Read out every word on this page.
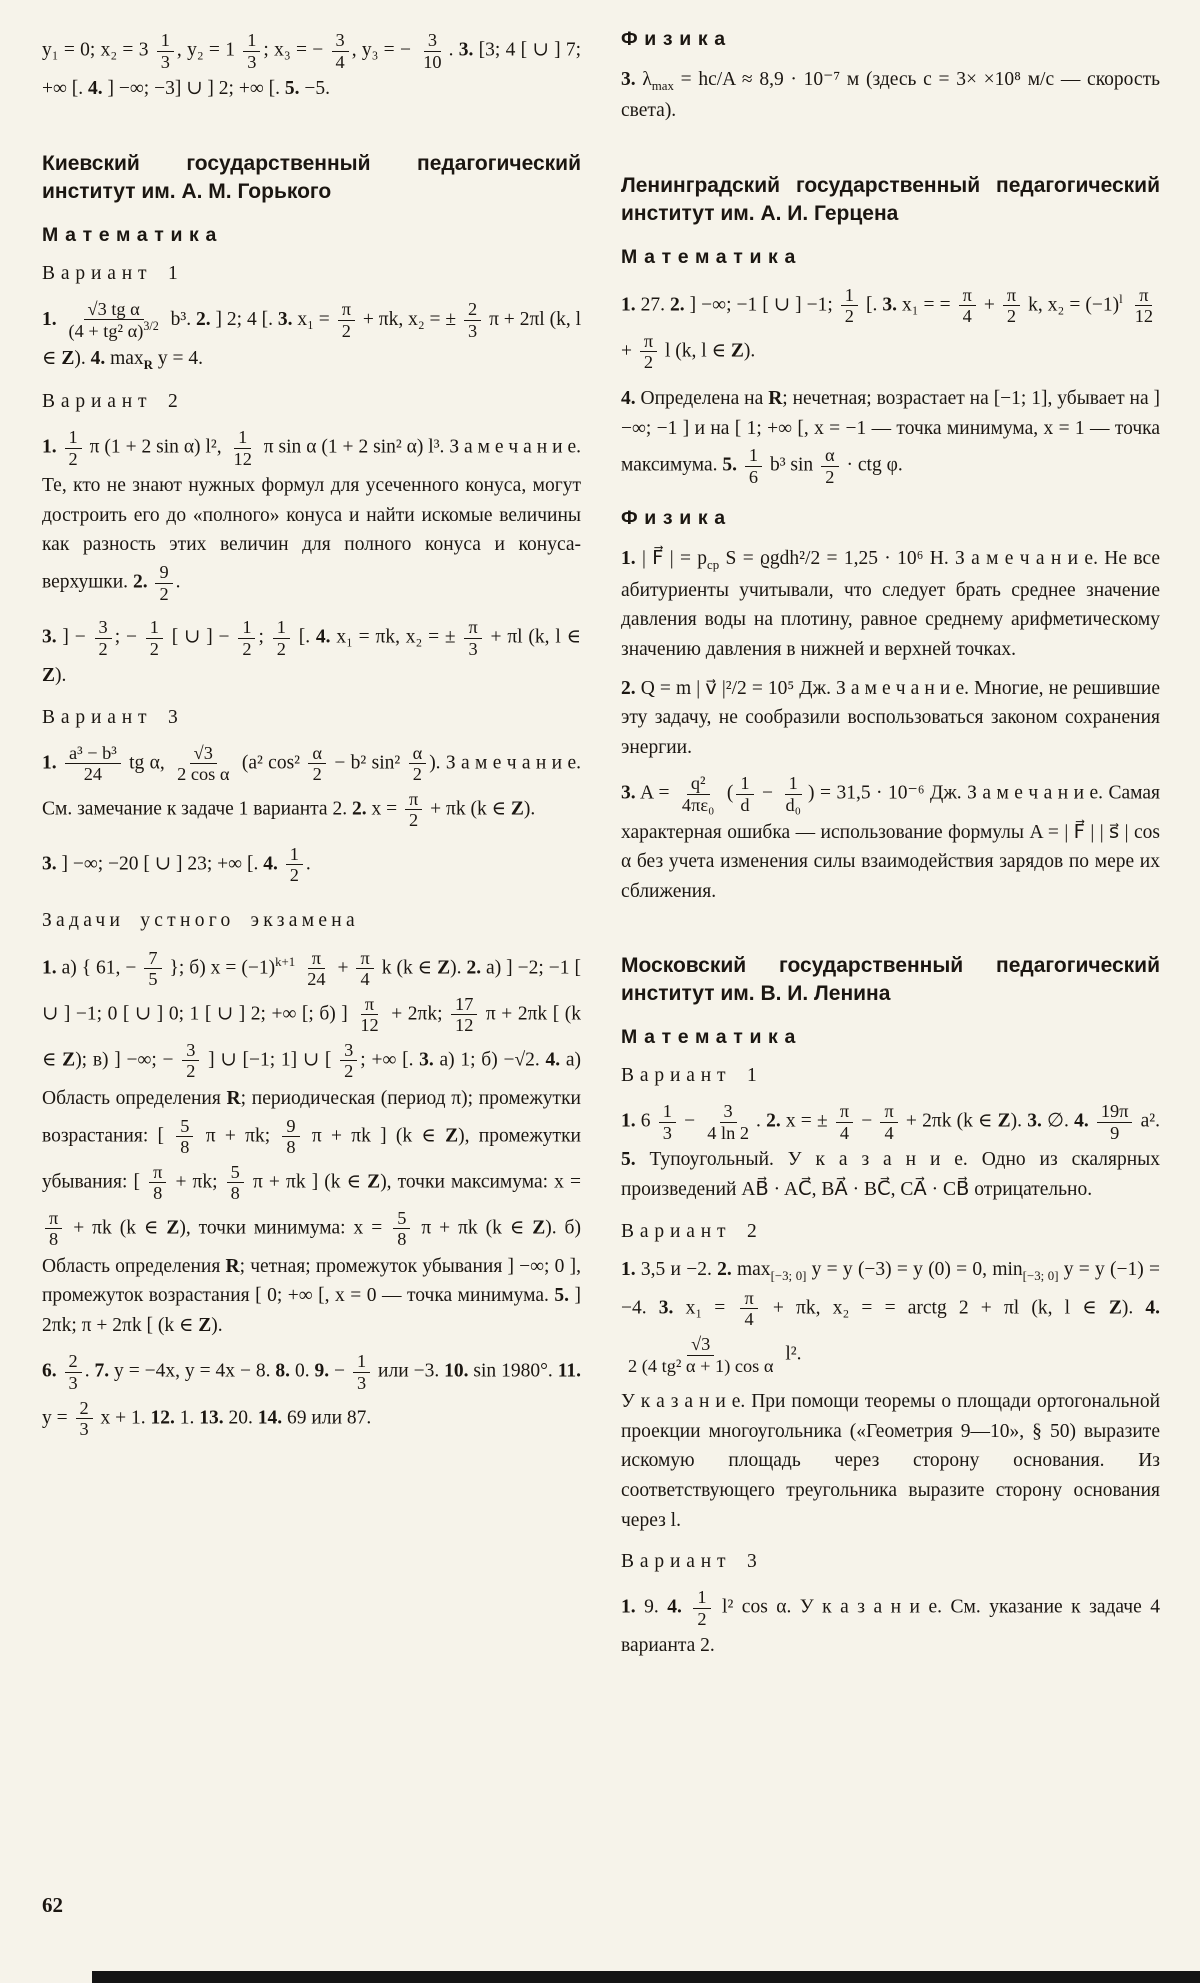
y₁ = 0; $x_2 = 3 \frac{1}{3}$ , $y_2 = 1 \frac{1}{3}$ ; x₃ = − $\frac{3}{4}$ , y₃ = − $\frac{3}{10}$ . 3. [3; 4 [ ∪ ] 7; +∞ [. 4. ] −∞; −3] ∪ ] 2; +∞ [. 5. −5.

Киевский государственный педагогический институт им. А. М. Горького
Математика
Вариант 1

1. $\frac{\text{√3 tg α}}{(4 + tg^2 \alpha)^{3/2}} b^3$. 2. ] 2; 4 [. 3. $x_1 = \frac{\pi}{2} + \pi k$, x₂ = ± $\frac{2}{3}$ π + 2πl (k, l ∈ Z). 4. $\max_R y = 4$.

Вариант 2

1. $\frac{1}{2}$ π (1 + 2 sin α) l², $\frac{1}{12}$ π sin α (1 + 2 sin² α) l³. З а м е ч а н и е. Те, кто не знают нужных формул для усеченного конуса, могут достроить его до «полного» конуса и найти искомые величины как разность этих величин для полного конуса и конуса-верхушки. 2. $\frac{9}{2}$ .

3. ] − $\frac{3}{2}$ ; − $\frac{1}{2}$ [ ∪ ] − $\frac{1}{2}$ ; $\frac{1}{2}$ [. 4. x₁ = πk, x₂ = ± $\frac{\pi}{3} + \pi l$ (k, l ∈ Z).

Вариант 3

1. $\frac{\text{a³ − b³}}{24}$ tg α, $\frac{√3}{\text{2 cos α}} (a^2$ $\cos^2 \frac{\alpha}{2} - b^2$ $\sin^2 \frac{\alpha}{2}$ ). З а м е ч а н и е. См. замечание к задаче 1 варианта 2. 2. $x = \frac{\pi}{2} + \pi k$ (k ∈ Z).

3. ] −∞; −20 [ ∪ ] 23; +∞ [. 4. $\frac{1}{2}$ .

Задачи устного экзамена

1. а) { 61, − $\frac{7}{5}$ }; б) $x = (-1)^{k+1} \frac{\pi}{24} + \frac{\pi}{4}$ k (k ∈ Z). 2. а) ] −2; −1 [ ∪ ] −1; 0 [ ∪ ] 0; 1 [ ∪ ] 2; +∞ [; б) ] $\frac{\pi}{12} + 2\pi k$; $\frac{17}{12}$ π + 2πk [ (k ∈ Z); в) ] −∞; − $\frac{3}{2}$ ] ∪ [−1; 1] ∪ [ $\frac{3}{2}$ ; +∞ [. 3. а) 1; б) −√2. 4. а) Область определения R; периодическая (период π); промежутки возрастания: [ $\frac{5}{8}$ π + πk; $\frac{9}{8}$ π + πk ] (k ∈ Z), промежутки убывания: [ $\frac{\pi}{8} + \pi k$; $\frac{5}{8}$ π + πk ] (k ∈ Z), точки максимума: x =
$\frac{\pi}{8} + \pi k$ (k ∈ Z), точки минимума: $x = \frac{5}{8}$ π + πk (k ∈ Z). б) Область определения R; четная; промежуток убывания ] −∞; 0 ], промежуток возрастания [ 0; +∞ [, x = 0 — точка минимума. 5. ] 2πk; π + 2πk [ (k ∈ Z).

6. $\frac{2}{3}$ . 7. y = −4x, y = 4x − 8. 8. 0. 9. − $\frac{1}{3}$ или −3. 10. sin 1980°. 11. $y = \frac{2}{3}$ x + 1. 12. 1. 13. 20. 14. 69 или 87.

Физика

3. $\lambda_{max} = hc/A \approx 8,9 \cdot 10^{-7}$ м (здесь c = 3× ×10⁸ м/с — скорость света).

Ленинградский государственный педагогический институт им. А. И. Герцена
Математика

1. 27. 2. ] −∞; −1 [ ∪ ] −1; $\frac{1}{2}$ [. 3. x₁ = = $\frac{\pi}{4} + \frac{\pi}{2} k$, $x_2 = (-1)^l \frac{\pi}{12}$
+ $\frac{\pi}{2}$ l (k, l ∈ Z).

4. Определена на R; нечетная; возрастает на [−1; 1], убывает на ] −∞; −1 ] и на [ 1; +∞ [, x = −1 — точка минимума, x = 1 — точка максимума. 5. $\frac{1}{6} b^3$ $\sin \frac{\alpha}{2}$ · ctg φ.

Физика

1. | F⃗ | = $p_{ср}$ S = ϱgdh²/2 = 1,25 · 10⁶ Н. З а м е ч а н и е. Не все абитуриенты учитывали, что следует брать среднее значение давления воды на плотину, равное среднему арифметическому значению давления в нижней и верхней точках.

2. Q = m | v⃗ |²/2 = 10⁵ Дж. З а м е ч а н и е. Многие, не решившие эту задачу, не сообразили воспользоваться законом сохранения энергии.

3. $A = \frac{\text{q²}}{\text{4πε₀}}$ ( $\frac{1}{d} - \frac{1}{\text{d₀}}$ ) = 31,5 · 10⁻⁶ Дж. З а м е ч а н и е. Самая характерная ошибка — использование формулы A = | F⃗ | | s⃗ | cos α без учета изменения силы взаимодействия зарядов по мере их сближения.

Московский государственный педагогический институт им. В. И. Ленина
Математика
Вариант 1

1. $6 \frac{1}{3} - \frac{3}{4 \ln 2}$ . 2. x = ± $\frac{\pi}{4} - \frac{\pi}{4} + 2\pi k$ (k ∈ Z). 3. ∅. 4. $\frac{19\pi}{9} a^2$. 5. Тупоугольный. У к а з а н и е. Одно из скалярных произведений AB⃗ · AC⃗, BA⃗ · BC⃗, CA⃗ · CB⃗ отрицательно.

Вариант 2

1. 3,5 и −2. 2. $\max_{[-3; 0]} y = y$ (−3) = y (0) = 0, $\min_{[-3; 0]} y = y$ (−1) = −4. 3. $x_1 = \frac{\pi}{4} + \pi k$, x₂ = = arctg 2 + πl (k, l ∈ Z). 4.
$\frac{√3}{\text{2 (4 tg² α + 1) cos α}} l^2$.

У к а з а н и е. При помощи теоремы о площади ортогональной проекции многоугольника («Геометрия 9—10», § 50) выразите искомую площадь через сторону основания. Из соответствующего треугольника выразите сторону основания через l.

Вариант 3

1. 9. 4. $\frac{1}{2} l^2$ cos α. У к а з а н и е. См. указание к задаче 4 варианта 2.

62
